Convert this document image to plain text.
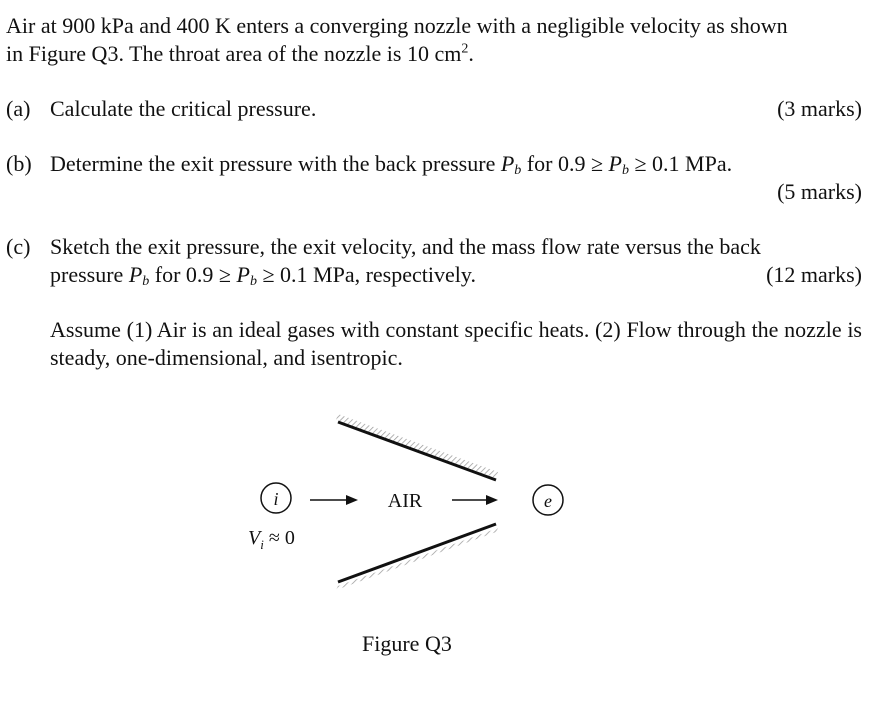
Air at 900 kPa and 400 K enters a converging nozzle with a negligible velocity as shown
in Figure Q3. The throat area of the nozzle is 10 $cm^2$.
(a) Calculate the critical pressure.	(3 marks)
(b) Determine the exit pressure with the back pressure $P_b$ for $0.9 \ge P_b \ge 0.1$ MPa.
(5 marks)
(c) Sketch the exit pressure, the exit velocity, and the mass flow rate versus the back
pressure $P_b$ for $0.9 \ge P_b \ge 0.1$ MPa, respectively.	(12 marks)
Assume (1) Air is an ideal gases with constant specific heats. (2) Flow through the nozzle is steady, one-dimensional, and isentropic.
i	AIR	e
$V_i \approx 0$
Figure Q3
